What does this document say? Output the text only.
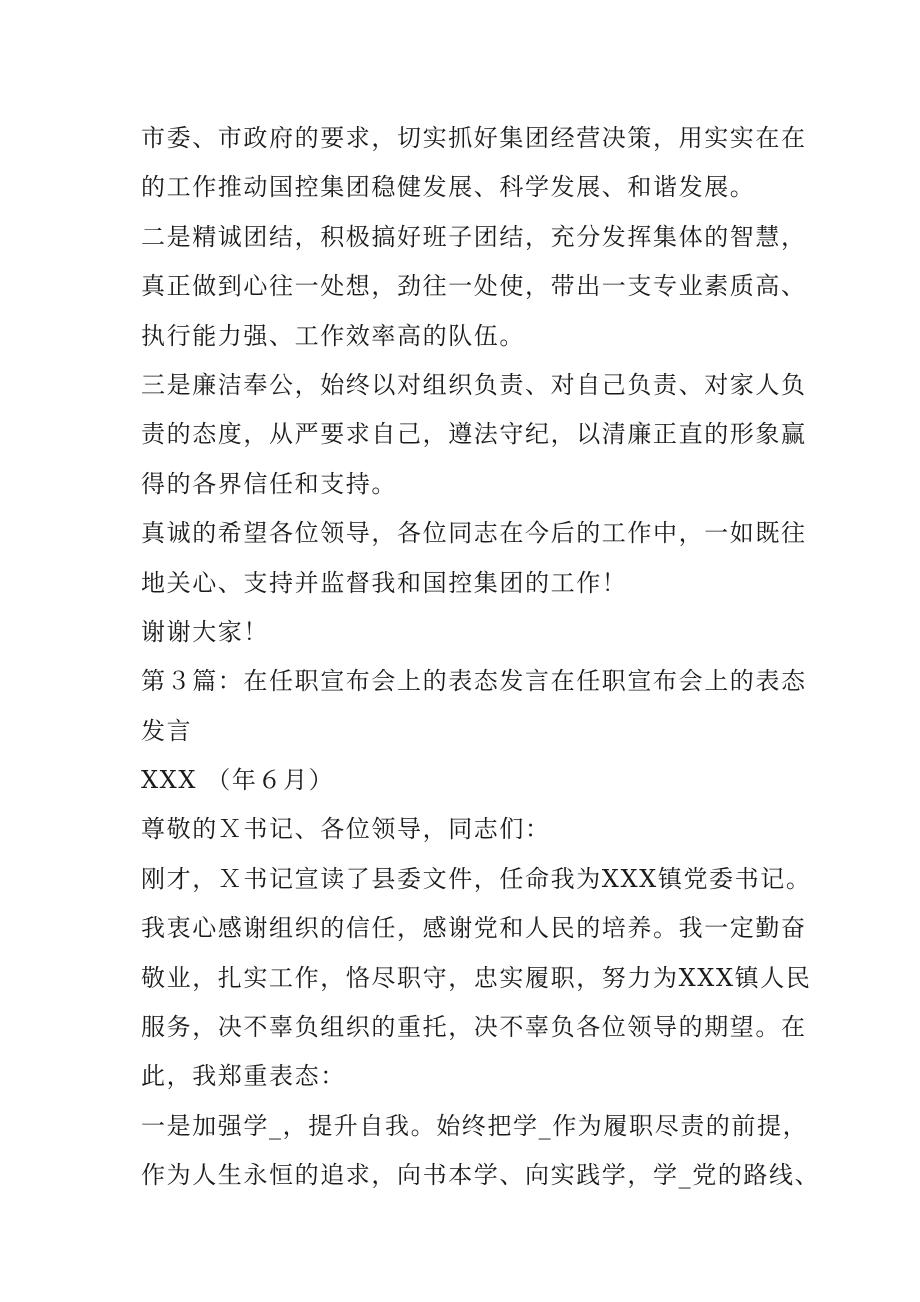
市委、市政府的要求，切实抓好集团经营决策，用实实在在
的工作推动国控集团稳健发展、科学发展、和谐发展。
二是精诚团结，积极搞好班子团结，充分发挥集体的智慧，
真正做到心往一处想，劲往一处使，带出一支专业素质高、
执行能力强、工作效率高的队伍。
三是廉洁奉公，始终以对组织负责、对自己负责、对家人负
责的态度，从严要求自己，遵法守纪，以清廉正直的形象赢
得的各界信任和支持。
真诚的希望各位领导，各位同志在今后的工作中，一如既往
地关心、支持并监督我和国控集团的工作！
谢谢大家！
第３篇：在任职宣布会上的表态发言在任职宣布会上的表态
发言
XXX （年６月）
尊敬的Ｘ书记、各位领导，同志们：
刚才，Ｘ书记宣读了县委文件，任命我为XXX镇党委书记。
我衷心感谢组织的信任，感谢党和人民的培养。我一定勤奋
敬业，扎实工作，恪尽职守，忠实履职，努力为XXX镇人民
服务，决不辜负组织的重托，决不辜负各位领导的期望。在
此，我郑重表态：
一是加强学_，提升自我。始终把学_作为履职尽责的前提，
作为人生永恒的追求，向书本学、向实践学，学_党的路线、
